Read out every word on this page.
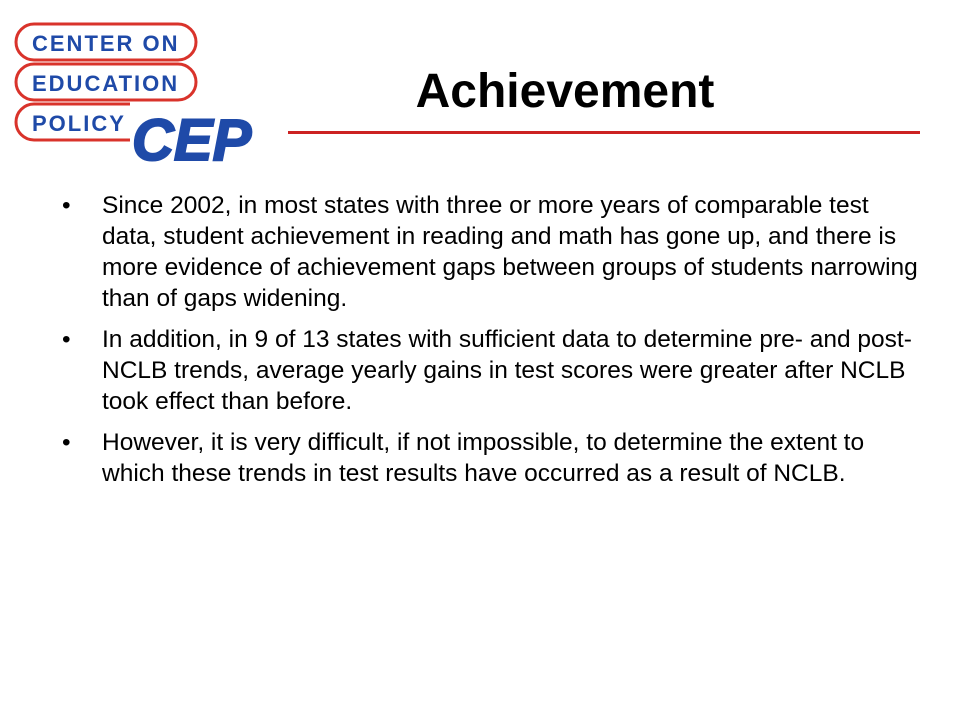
CENTER ON
EDUCATION
POLICY CEP
Achievement
• Since 2002, in most states with three or more years of comparable test data, student achievement in reading and math has gone up, and there is more evidence of achievement gaps between groups of students narrowing than of gaps widening.
• In addition, in 9 of 13 states with sufficient data to determine pre- and post-NCLB trends, average yearly gains in test scores were greater after NCLB took effect than before.
• However, it is very difficult, if not impossible, to determine the extent to which these trends in test results have occurred as a result of NCLB.
